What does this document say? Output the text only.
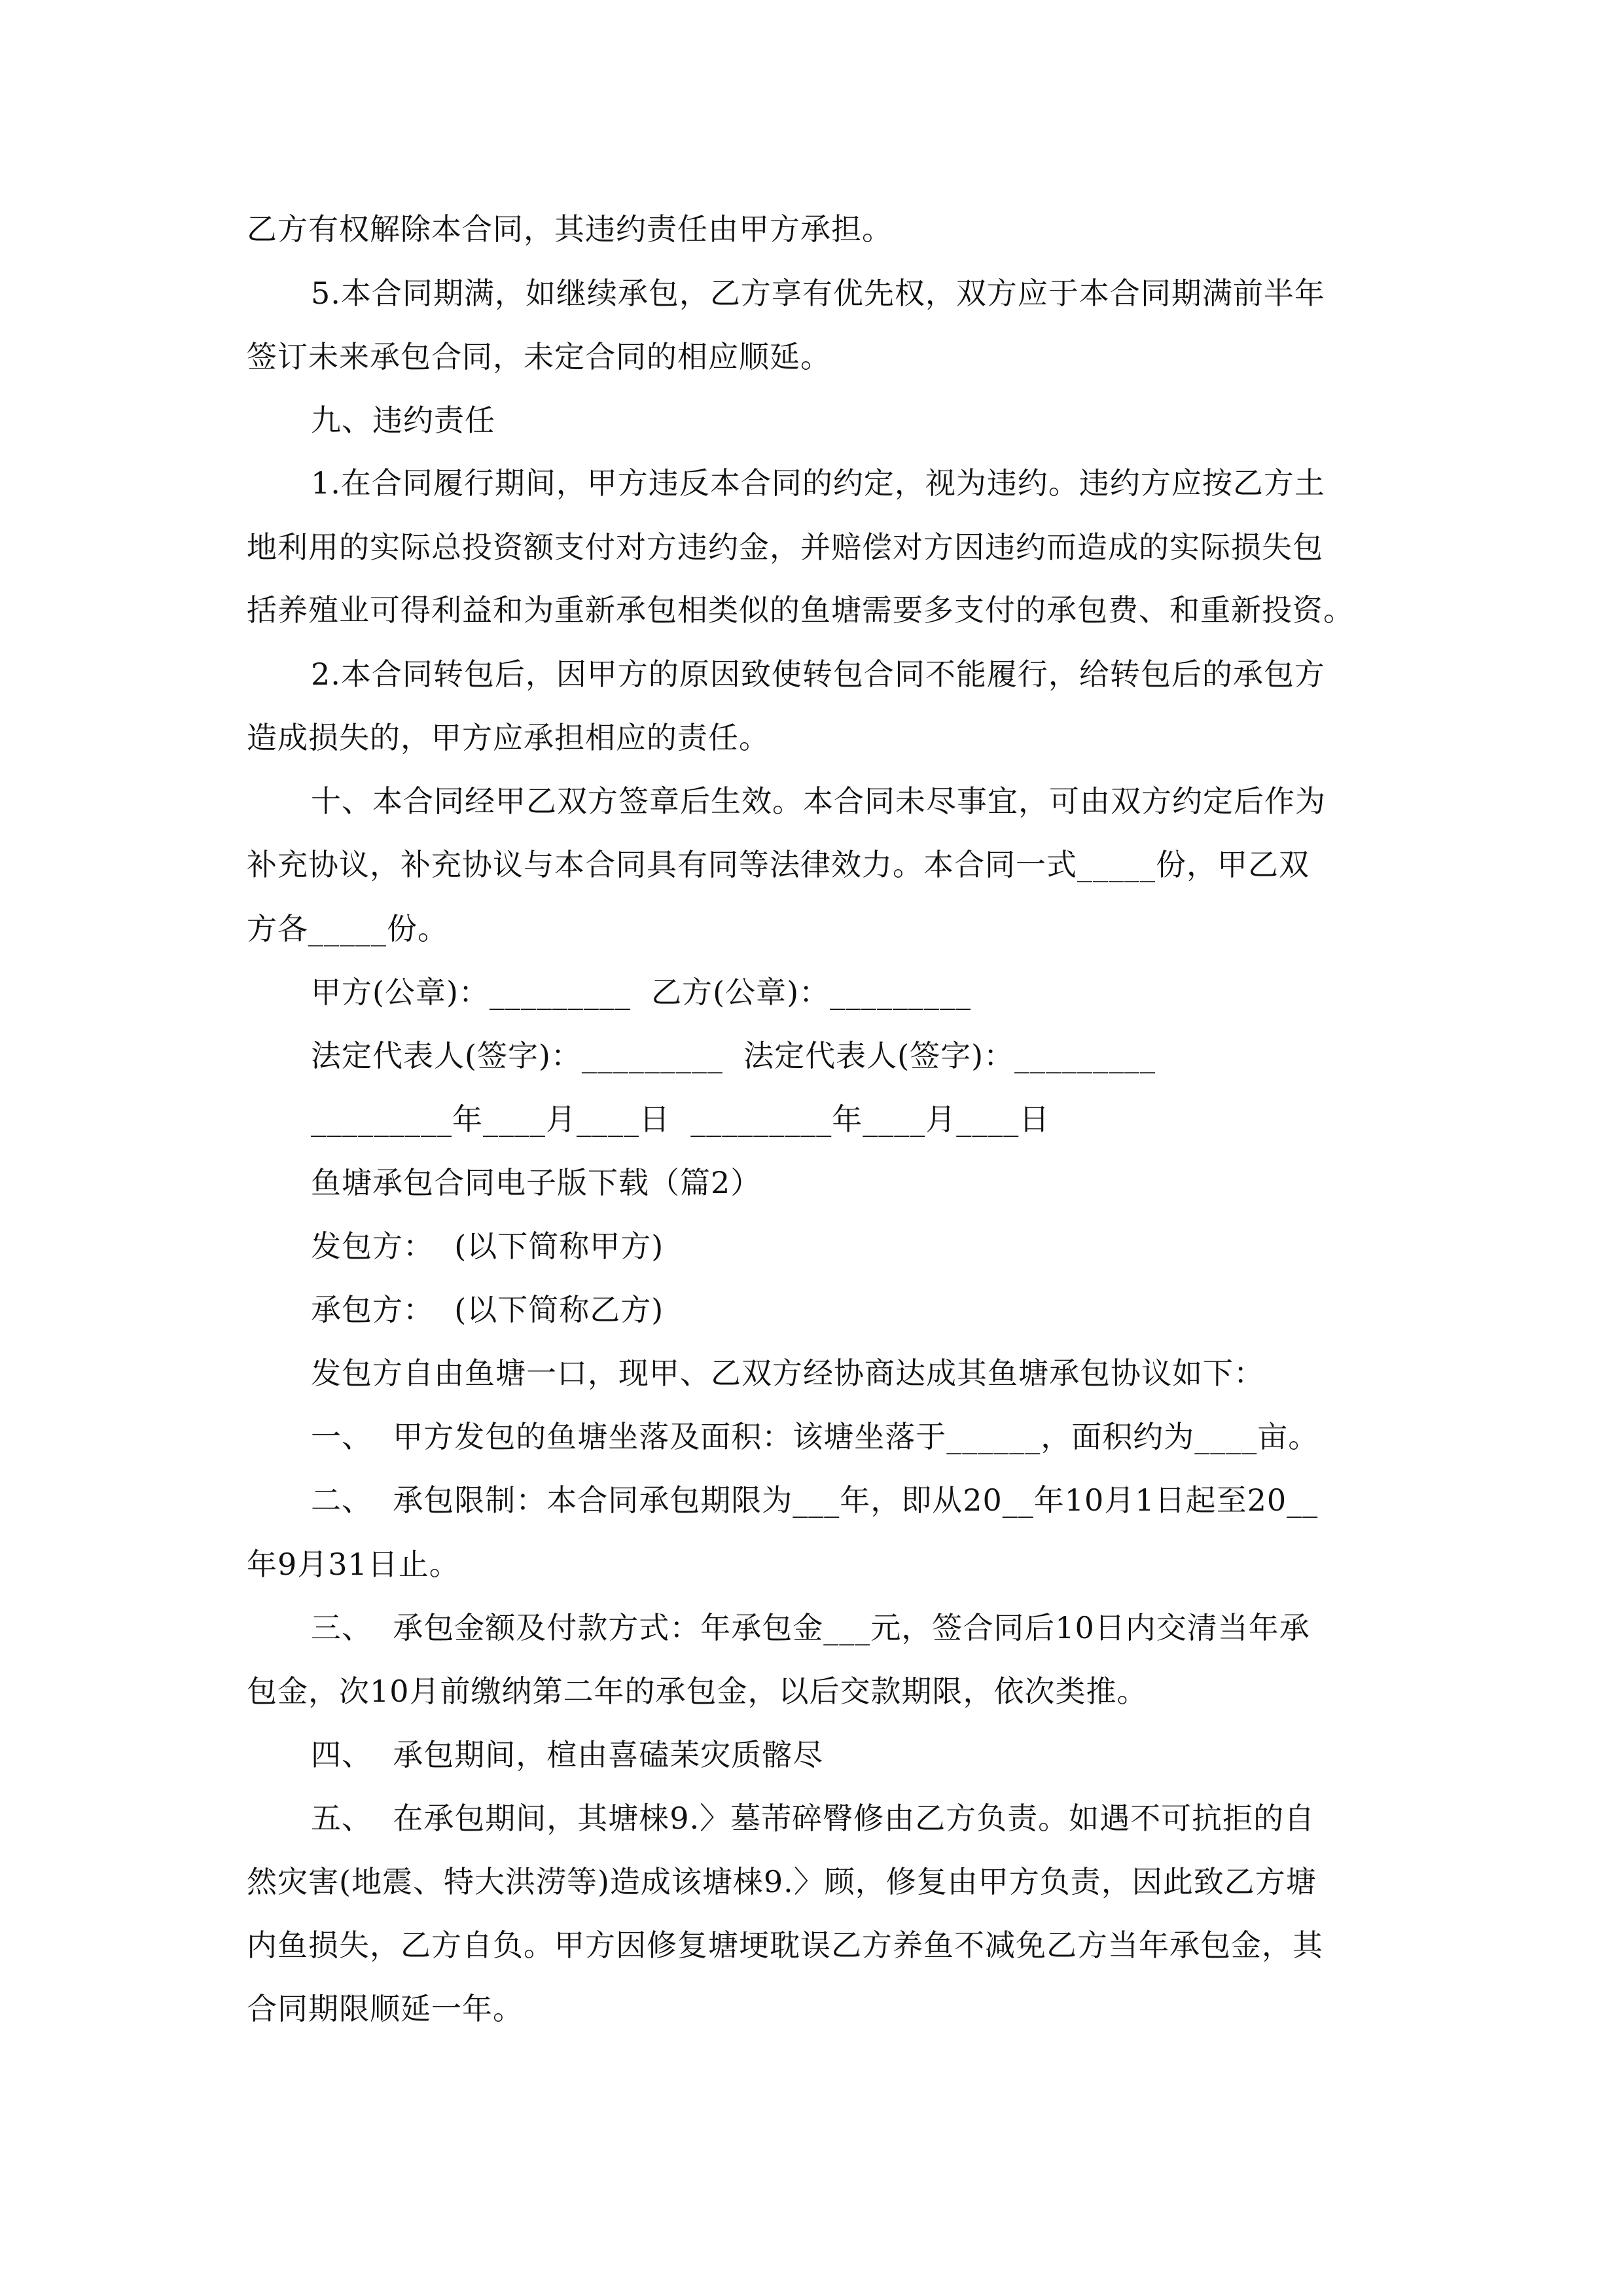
乙方有权解除本合同，其违约责任由甲方承担。
5.本合同期满，如继续承包，乙方享有优先权，双方应于本合同期满前半年
签订未来承包合同，未定合同的相应顺延。
九、违约责任
1.在合同履行期间，甲方违反本合同的约定，视为违约。违约方应按乙方土
地利用的实际总投资额支付对方违约金，并赔偿对方因违约而造成的实际损失包
括养殖业可得利益和为重新承包相类似的鱼塘需要多支付的承包费、和重新投资。
2.本合同转包后，因甲方的原因致使转包合同不能履行，给转包后的承包方
造成损失的，甲方应承担相应的责任。
十、本合同经甲乙双方签章后生效。本合同未尽事宜，可由双方约定后作为
补充协议，补充协议与本合同具有同等法律效力。本合同一式_____份，甲乙双
方各_____份。
甲方(公章)：_________  乙方(公章)：_________
法定代表人(签字)：_________  法定代表人(签字)：_________
_________年____月____日  _________年____月____日
鱼塘承包合同电子版下载（篇2）
发包方：  (以下简称甲方)
承包方：  (以下简称乙方)
发包方自由鱼塘一口，现甲、乙双方经协商达成其鱼塘承包协议如下：
一、  甲方发包的鱼塘坐落及面积：该塘坐落于______，面积约为____亩。
二、  承包限制：本合同承包期限为___年，即从20__年10月1日起至20__
年9月31日止。
三、  承包金额及付款方式：年承包金___元，签合同后10日内交清当年承
包金，次10月前缴纳第二年的承包金，以后交款期限，依次类推。
四、  承包期间，楦由喜磕苿灾质髂尽
五、  在承包期间，其塘梾9.〉墓芾碎臀修由乙方负责。如遇不可抗拒的自
然灾害(地震、特大洪涝等)造成该塘梾9.〉顾，修复由甲方负责，因此致乙方塘
内鱼损失，乙方自负。甲方因修复塘埂耽误乙方养鱼不减免乙方当年承包金，其
合同期限顺延一年。
